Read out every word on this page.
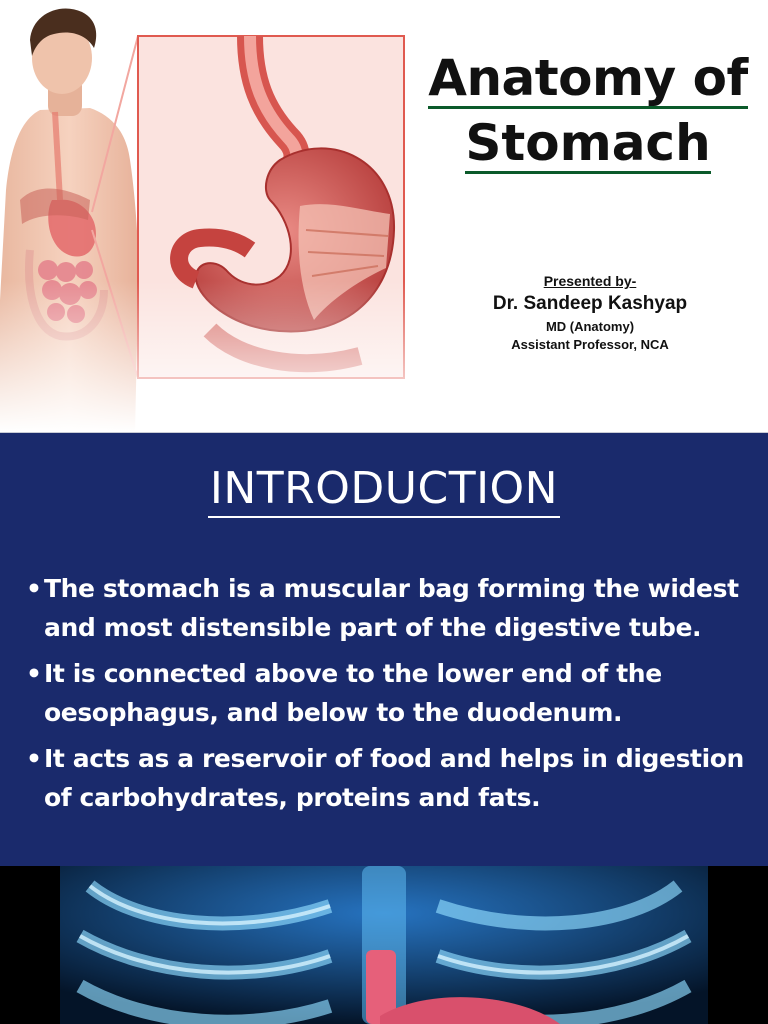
Anatomy of
Stomach
Presented by-
Dr. Sandeep Kashyap
MD (Anatomy)
Assistant Professor, NCA
INTRODUCTION
• The stomach is a muscular bag forming the widest and most distensible part of the digestive tube.
• It is connected above to the lower end of the oesophagus, and below to the duodenum.
• It acts as a reservoir of food and helps in digestion of carbohydrates, proteins and fats.
